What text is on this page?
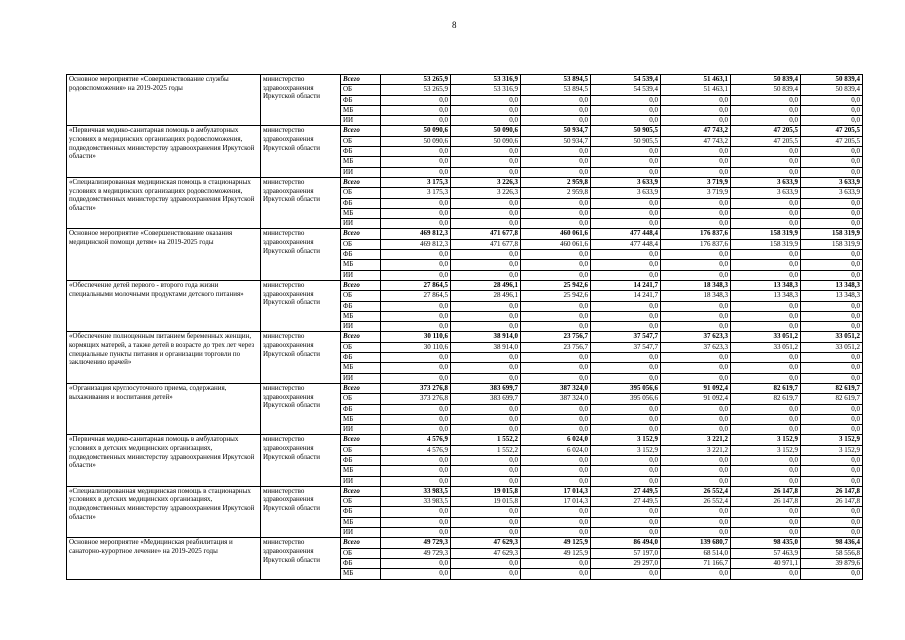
8
Основное мероприятие «Совершенствование службы родовспоможения» на 2019-2025 годы	министерство здравоохранения Иркутской области	Всего	53 265,9	53 316,9	53 894,5	54 539,4	51 463,1	50 839,4	50 839,4
		ОБ	53 265,9	53 316,9	53 894,5	54 539,4	51 463,1	50 839,4	50 839,4
		ФБ	0,0	0,0	0,0	0,0	0,0	0,0	0,0
		МБ	0,0	0,0	0,0	0,0	0,0	0,0	0,0
		ИИ	0,0	0,0	0,0	0,0	0,0	0,0	0,0
«Первичная медико-санитарная помощь в амбулаторных условиях в медицинских организациях родовспоможения, подведомственных министерству здравоохранения Иркутской области»	министерство здравоохранения Иркутской области	Всего	50 090,6	50 090,6	50 934,7	50 905,5	47 743,2	47 205,5	47 205,5
		ОБ	50 090,6	50 090,6	50 934,7	50 905,5	47 743,2	47 205,5	47 205,5
		ФБ	0,0	0,0	0,0	0,0	0,0	0,0	0,0
		МБ	0,0	0,0	0,0	0,0	0,0	0,0	0,0
		ИИ	0,0	0,0	0,0	0,0	0,0	0,0	0,0
«Специализированная медицинская помощь в стационарных условиях в медицинских организациях родовспоможения, подведомственных министерству здравоохранения Иркутской области»	министерство здравоохранения Иркутской области	Всего	3 175,3	3 226,3	2 959,8	3 633,9	3 719,9	3 633,9	3 633,9
		ОБ	3 175,3	3 226,3	2 959,8	3 633,9	3 719,9	3 633,9	3 633,9
		ФБ	0,0	0,0	0,0	0,0	0,0	0,0	0,0
		МБ	0,0	0,0	0,0	0,0	0,0	0,0	0,0
		ИИ	0,0	0,0	0,0	0,0	0,0	0,0	0,0
Основное мероприятие «Совершенствование оказания медицинской помощи детям» на 2019-2025 годы	министерство здравоохранения Иркутской области	Всего	469 812,3	471 677,8	460 061,6	477 448,4	176 837,6	158 319,9	158 319,9
		ОБ	469 812,3	471 677,8	460 061,6	477 448,4	176 837,6	158 319,9	158 319,9
		ФБ	0,0	0,0	0,0	0,0	0,0	0,0	0,0
		МБ	0,0	0,0	0,0	0,0	0,0	0,0	0,0
		ИИ	0,0	0,0	0,0	0,0	0,0	0,0	0,0
«Обеспечение детей первого - второго года жизни специальными молочными продуктами детского питания»	министерство здравоохранения Иркутской области	Всего	27 864,5	28 496,1	25 942,6	14 241,7	18 348,3	13 348,3	13 348,3
		ОБ	27 864,5	28 496,1	25 942,6	14 241,7	18 348,3	13 348,3	13 348,3
		ФБ	0,0	0,0	0,0	0,0	0,0	0,0	0,0
		МБ	0,0	0,0	0,0	0,0	0,0	0,0	0,0
		ИИ	0,0	0,0	0,0	0,0	0,0	0,0	0,0
«Обеспечение полноценным питанием беременных женщин, кормящих матерей, а также детей в возрасте до трех лет через специальные пункты питания и организации торговли по заключению врачей»	министерство здравоохранения Иркутской области	Всего	30 110,6	38 914,0	23 756,7	37 547,7	37 623,3	33 051,2	33 051,2
		ОБ	30 110,6	38 914,0	23 756,7	37 547,7	37 623,3	33 051,2	33 051,2
		ФБ	0,0	0,0	0,0	0,0	0,0	0,0	0,0
		МБ	0,0	0,0	0,0	0,0	0,0	0,0	0,0
		ИИ	0,0	0,0	0,0	0,0	0,0	0,0	0,0
«Организация круглосуточного приема, содержания, выхаживания и воспитания детей»	министерство здравоохранения Иркутской области	Всего	373 276,8	383 699,7	387 324,0	395 056,6	91 092,4	82 619,7	82 619,7
		ОБ	373 276,8	383 699,7	387 324,0	395 056,6	91 092,4	82 619,7	82 619,7
		ФБ	0,0	0,0	0,0	0,0	0,0	0,0	0,0
		МБ	0,0	0,0	0,0	0,0	0,0	0,0	0,0
		ИИ	0,0	0,0	0,0	0,0	0,0	0,0	0,0
«Первичная медико-санитарная помощь в амбулаторных условиях в детских медицинских организациях, подведомственных министерству здравоохранения Иркутской области»	министерство здравоохранения Иркутской области	Всего	4 576,9	1 552,2	6 024,0	3 152,9	3 221,2	3 152,9	3 152,9
		ОБ	4 576,9	1 552,2	6 024,0	3 152,9	3 221,2	3 152,9	3 152,9
		ФБ	0,0	0,0	0,0	0,0	0,0	0,0	0,0
		МБ	0,0	0,0	0,0	0,0	0,0	0,0	0,0
		ИИ	0,0	0,0	0,0	0,0	0,0	0,0	0,0
«Специализированная медицинская помощь в стационарных условиях в детских медицинских организациях, подведомственных министерству здравоохранения Иркутской области»	министерство здравоохранения Иркутской области	Всего	33 983,5	19 015,8	17 014,3	27 449,5	26 552,4	26 147,8	26 147,8
		ОБ	33 983,5	19 015,8	17 014,3	27 449,5	26 552,4	26 147,8	26 147,8
		ФБ	0,0	0,0	0,0	0,0	0,0	0,0	0,0
		МБ	0,0	0,0	0,0	0,0	0,0	0,0	0,0
		ИИ	0,0	0,0	0,0	0,0	0,0	0,0	0,0
Основное мероприятие «Медицинская реабилитация и санаторно-курортное лечение» на 2019-2025 годы	министерство здравоохранения Иркутской области	Всего	49 729,3	47 629,3	49 125,9	86 494,0	139 680,7	98 435,0	98 436,4
		ОБ	49 729,3	47 629,3	49 125,9	57 197,0	68 514,0	57 463,9	58 556,8
		ФБ	0,0	0,0	0,0	29 297,0	71 166,7	40 971,1	39 879,6
		МБ	0,0	0,0	0,0	0,0	0,0	0,0	0,0
